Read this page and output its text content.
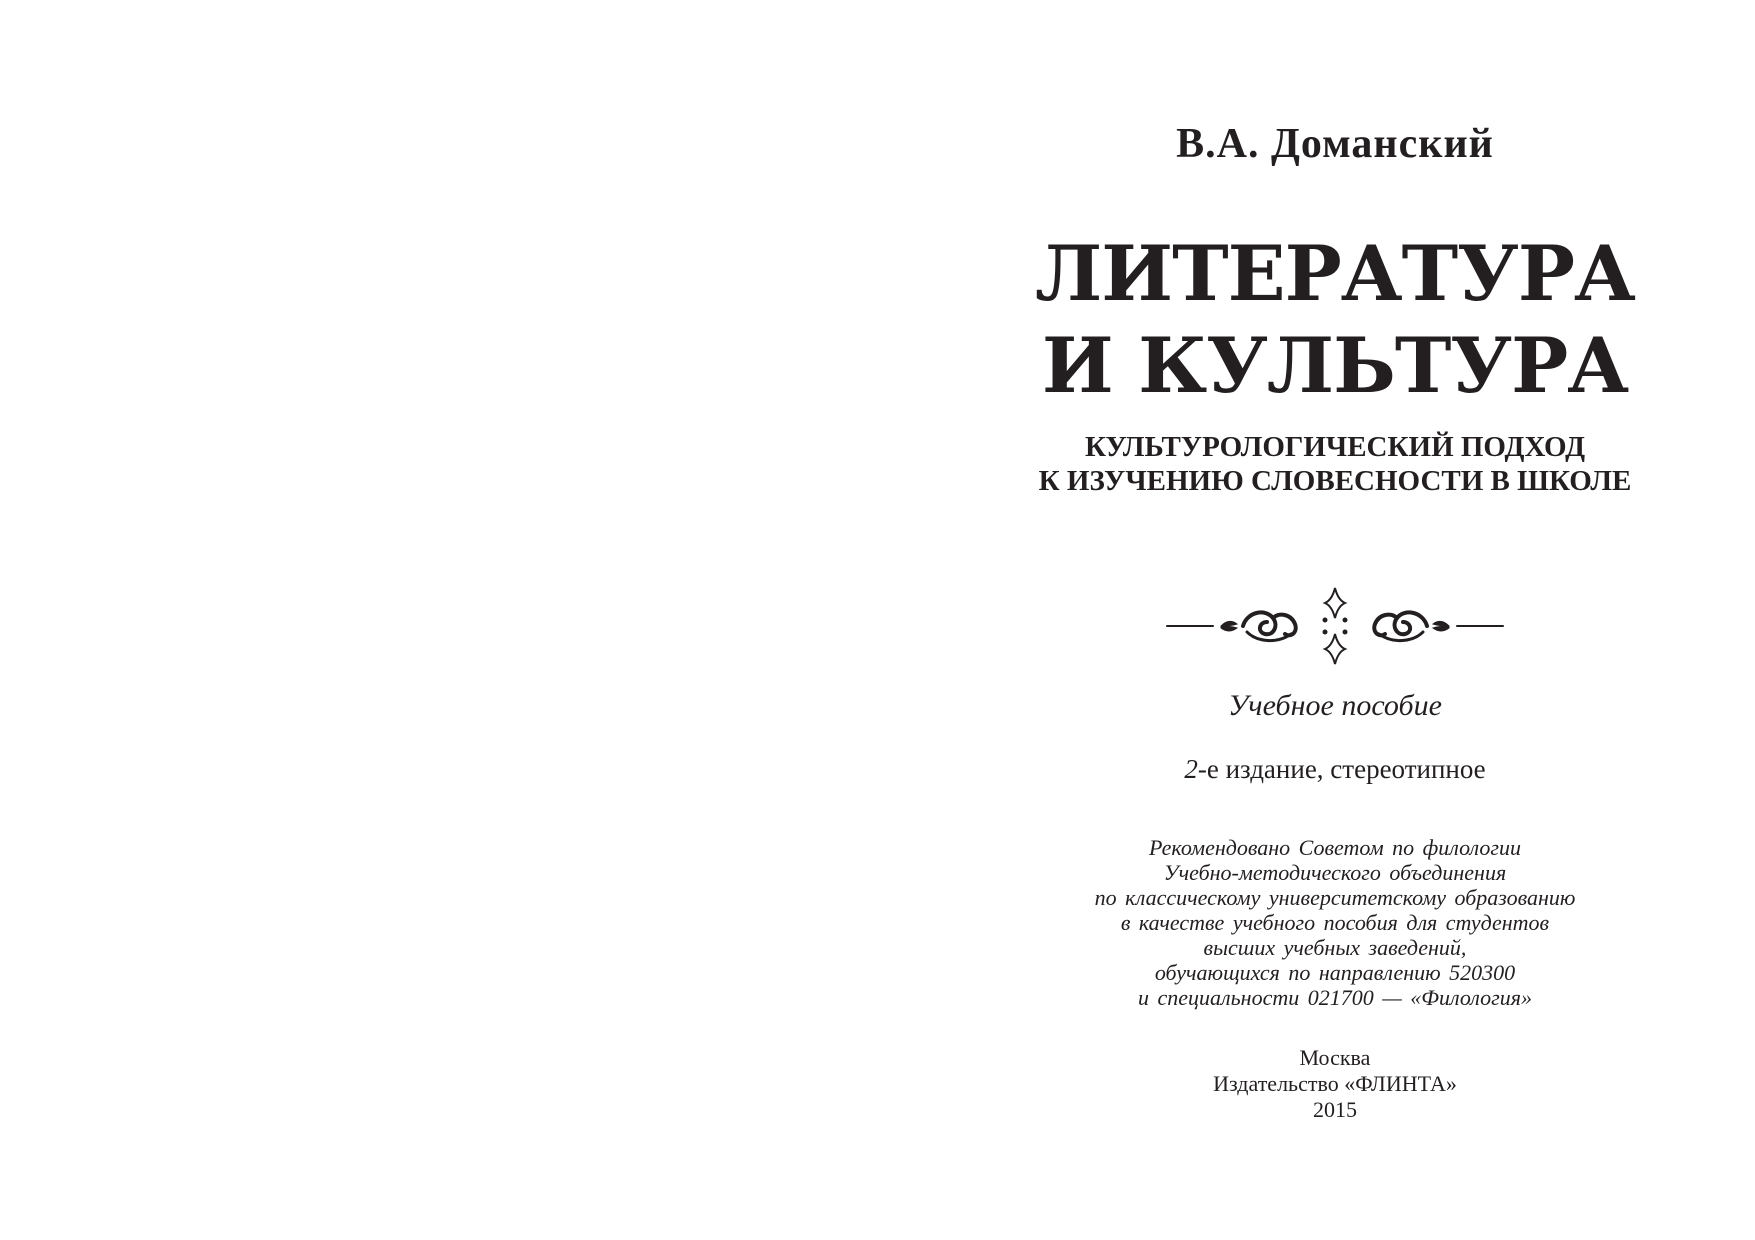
В.А. Доманский
ЛИТЕРАТУРА
И КУЛЬТУРА
КУЛЬТУРОЛОГИЧЕСКИЙ ПОДХОД
К ИЗУЧЕНИЮ СЛОВЕСНОСТИ В ШКОЛЕ
Учебное пособие
2-е издание, стереотипное
Рекомендовано Советом по филологии
Учебно-методического объединения
по классическому университетскому образованию
в качестве учебного пособия для студентов
высших учебных заведений,
обучающихся по направлению 520300
и специальности 021700 — «Филология»
Москва
Издательство «ФЛИНТА»
2015
